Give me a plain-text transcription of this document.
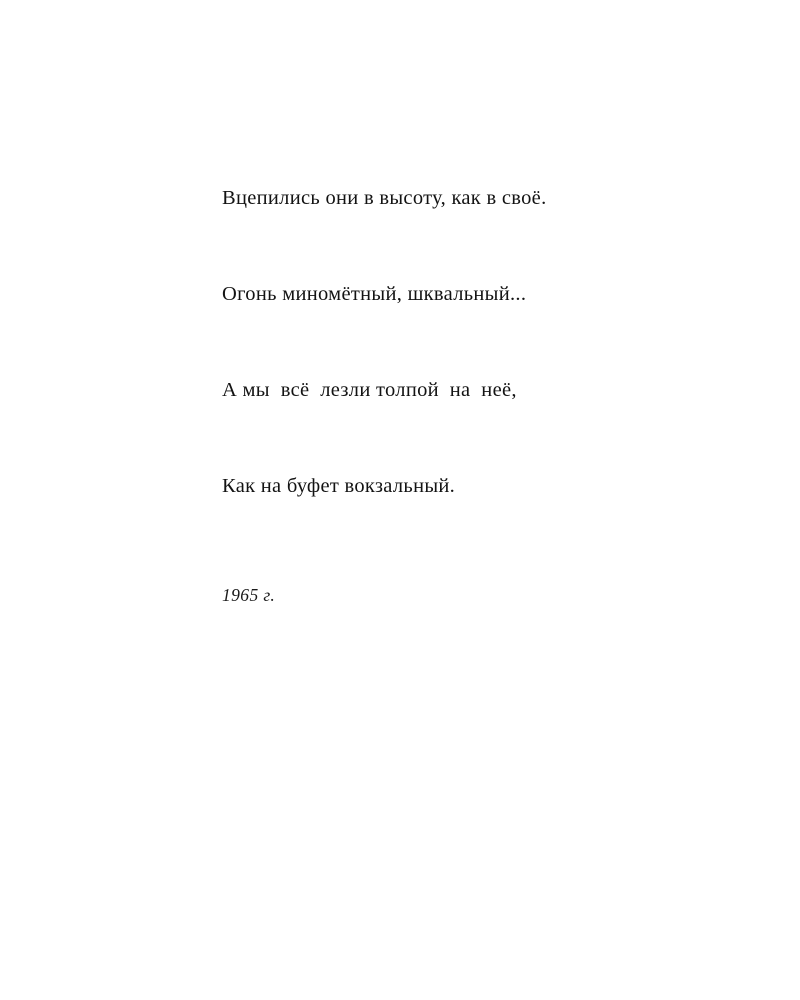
Вцепились они в высоту, как в своё.

Огонь миномётный, шквальный...

А мы  всё  лезли толпой  на  неё,

Как на буфет вокзальный.

1965 г.
